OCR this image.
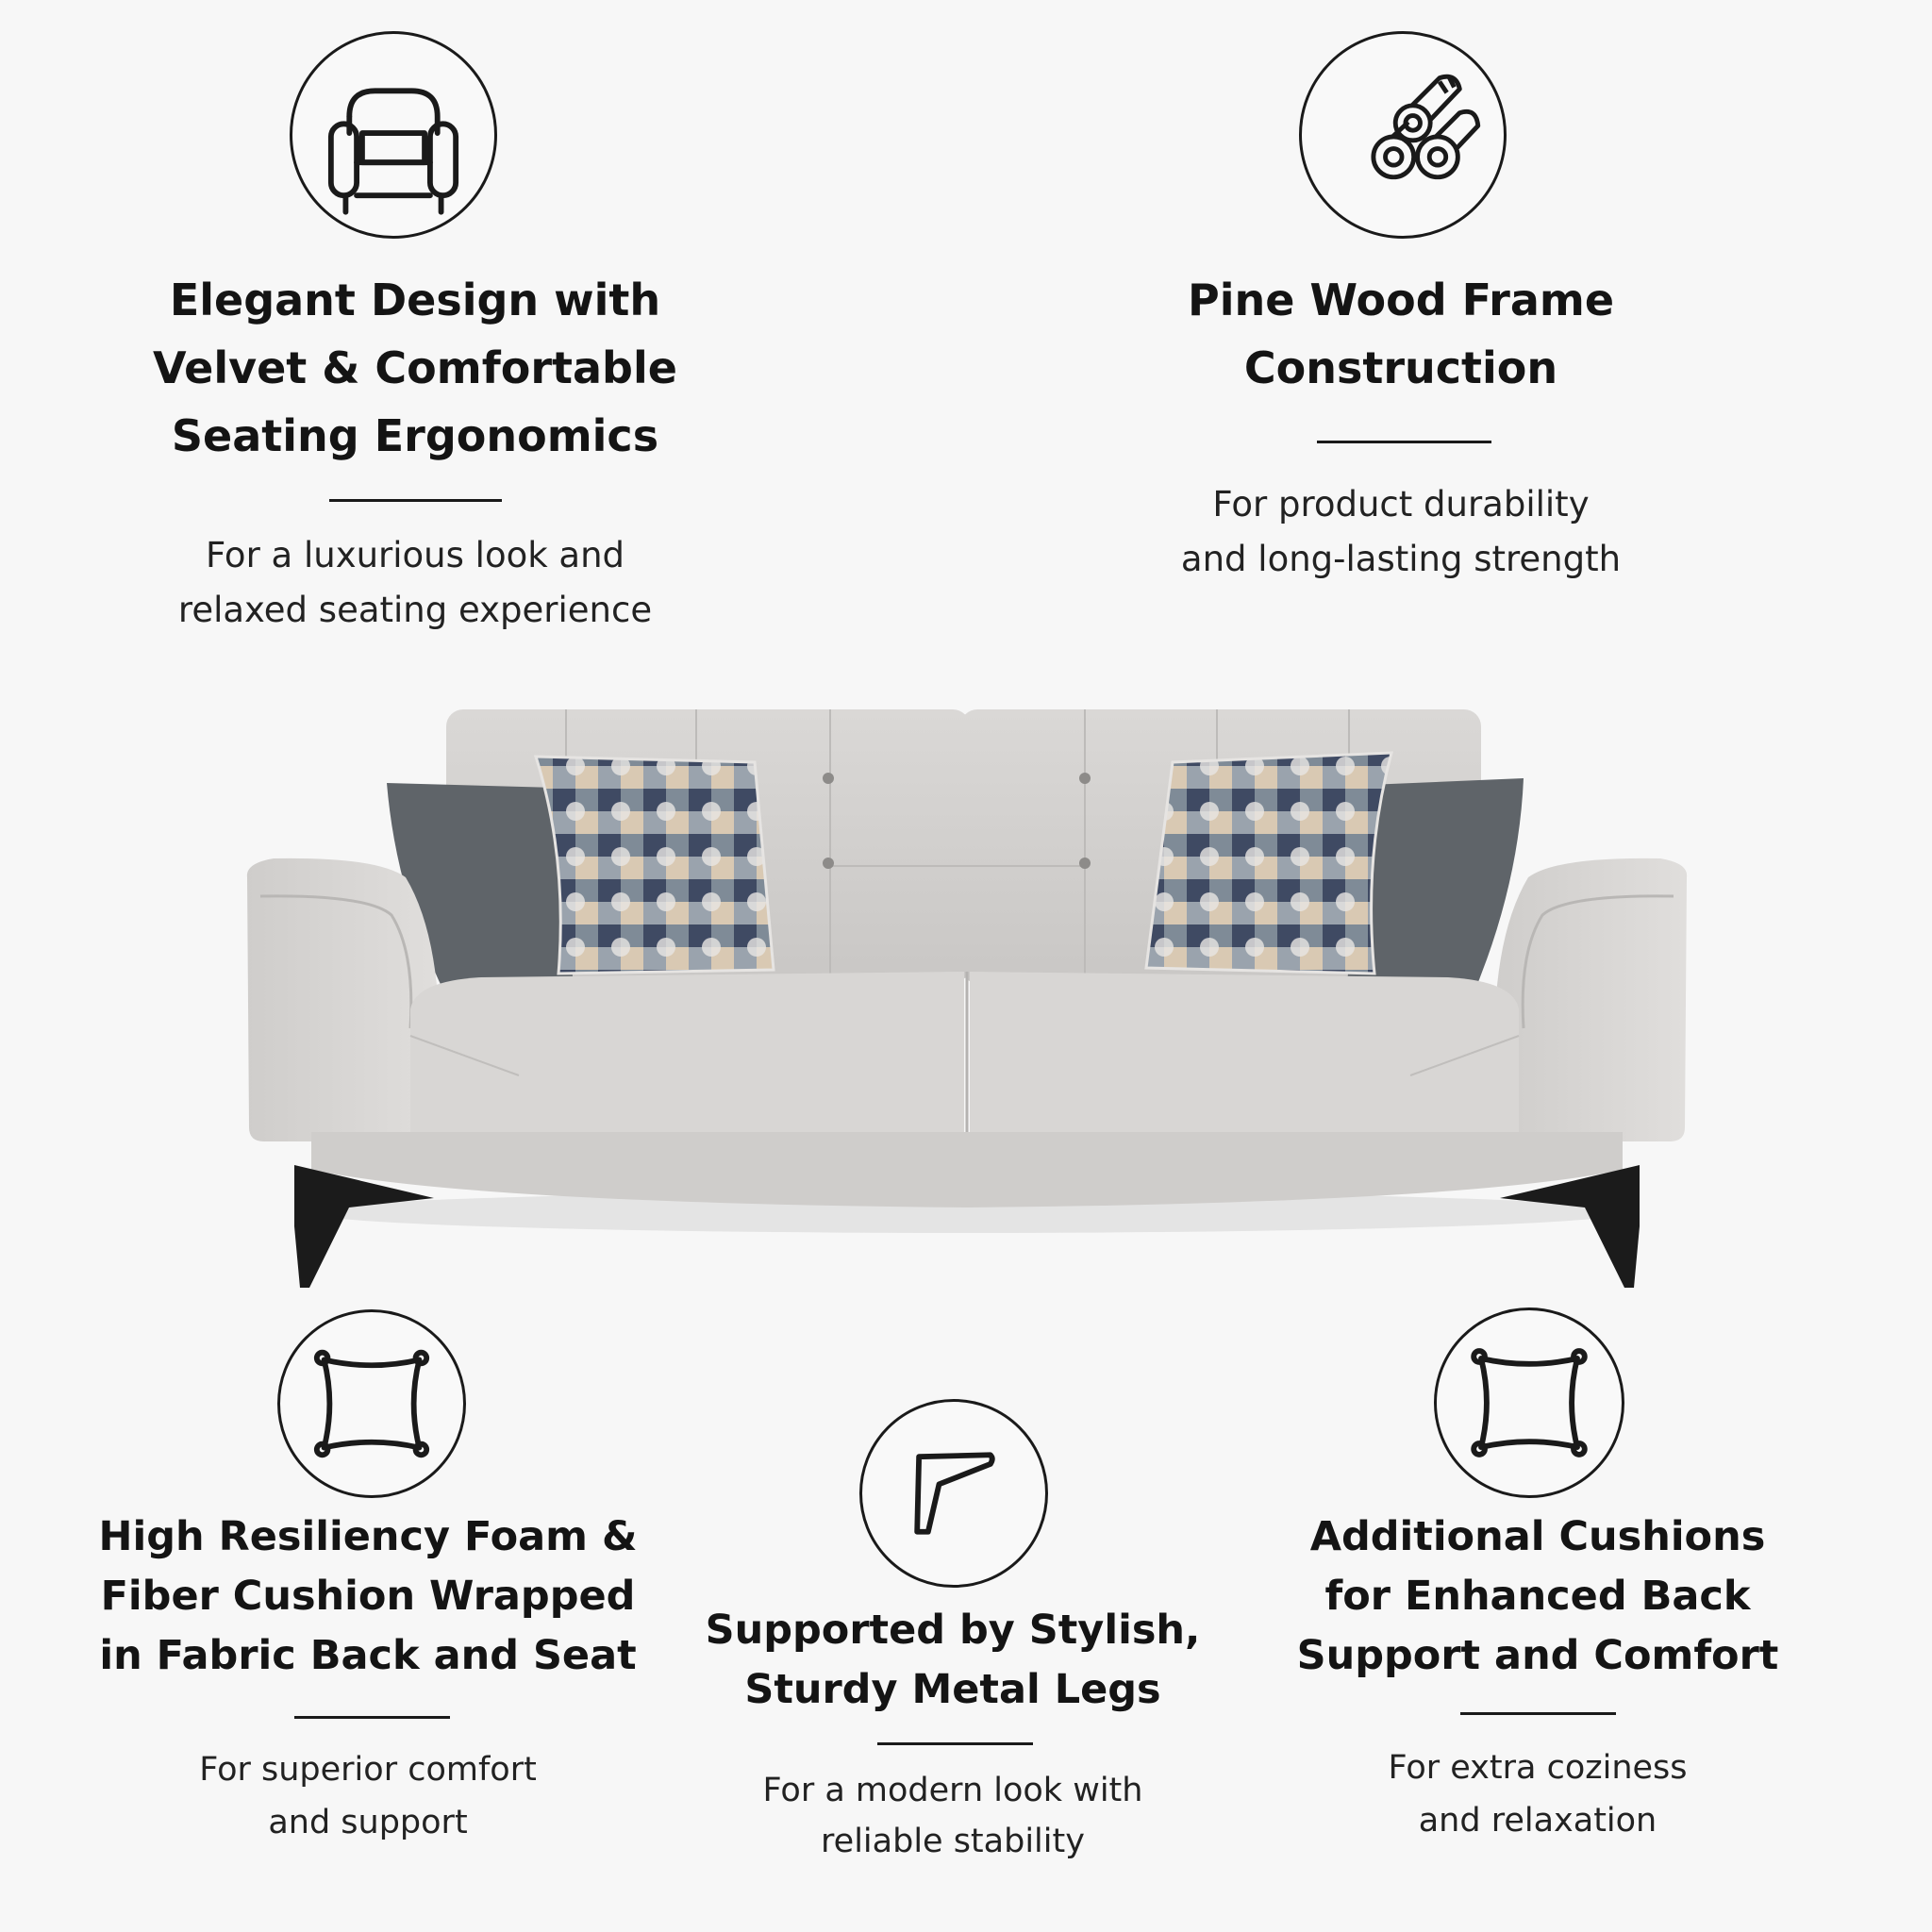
Elegant Design with
Velvet & Comfortable
Seating Ergonomics
For a luxurious look and
relaxed seating experience
Pine Wood Frame
Construction
For product durability
and long-lasting strength
High Resiliency Foam &
Fiber Cushion Wrapped
in Fabric Back and Seat
For superior comfort
and support
Supported by Stylish,
Sturdy Metal Legs
For a modern look with
reliable stability
Additional Cushions
for Enhanced Back
Support and Comfort
For extra coziness
and relaxation
